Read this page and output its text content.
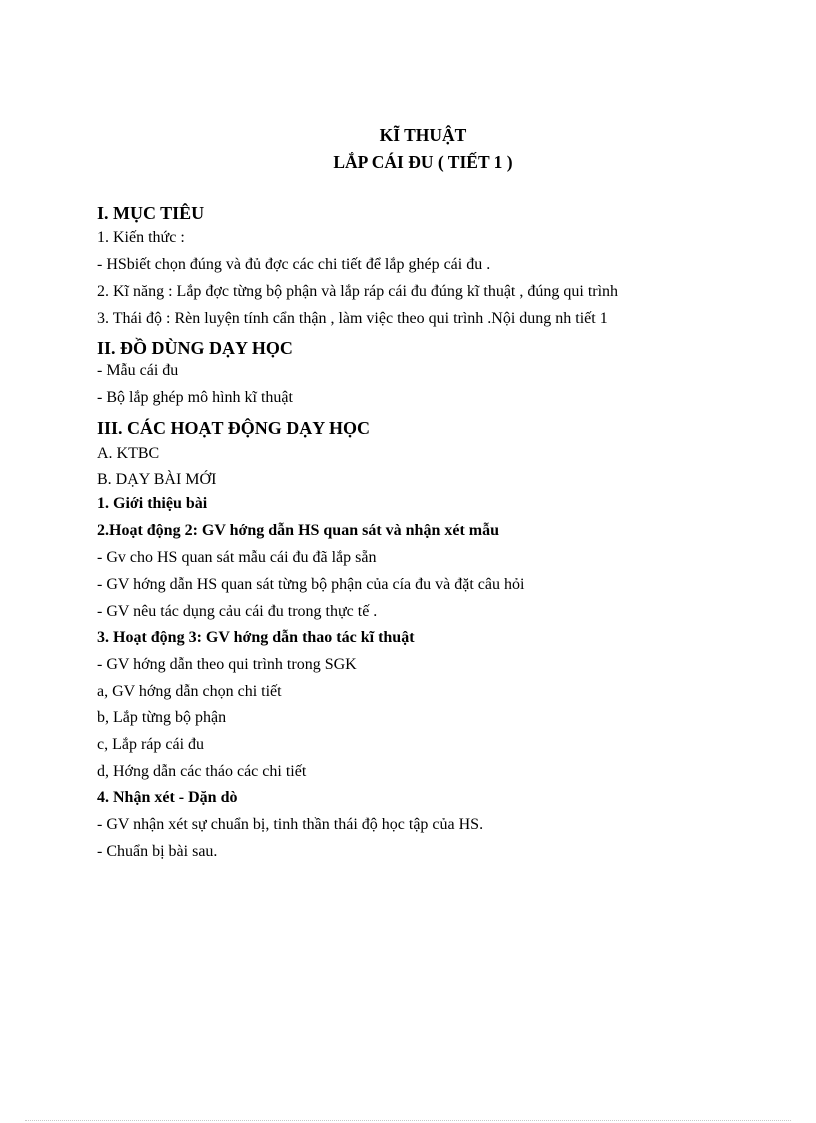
KĨ THUẬT
LẮP CÁI ĐU ( TIẾT 1 )
I. MỤC TIÊU
1. Kiến thức :
- HSbiết chọn đúng và đủ đợc các chi tiết để lắp ghép cái đu .
2. Kĩ năng : Lắp đợc từng bộ phận và lắp ráp cái đu đúng kĩ thuật , đúng qui trình
3. Thái độ : Rèn luyện tính cẩn thận , làm việc theo qui trình .Nội dung nh tiết 1
II. ĐỒ DÙNG DẠY HỌC
- Mẫu cái đu
- Bộ lắp ghép mô hình kĩ thuật
III. CÁC HOẠT ĐỘNG DẠY HỌC
A. KTBC
B. DẠY BÀI MỚI
1. Giới thiệu bài
2.Hoạt động 2: GV hớng dẫn HS quan sát và nhận xét mẫu
- Gv cho HS quan sát mẫu cái đu đã lắp sẵn
- GV hớng dẫn HS quan sát từng bộ phận của cía đu và đặt câu hỏi
- GV nêu tác dụng cảu cái đu trong thực tế .
3. Hoạt động 3: GV hớng dẫn thao tác kĩ thuật
- GV hớng dẫn theo qui trình trong SGK
a, GV hớng dẫn chọn chi tiết
b, Lắp từng bộ phận
c, Lắp ráp cái đu
d, Hớng dẫn các tháo các chi tiết
4. Nhận xét - Dặn dò
- GV nhận xét sự chuẩn bị, tinh thần thái độ học tập của HS.
- Chuẩn bị bài sau.
